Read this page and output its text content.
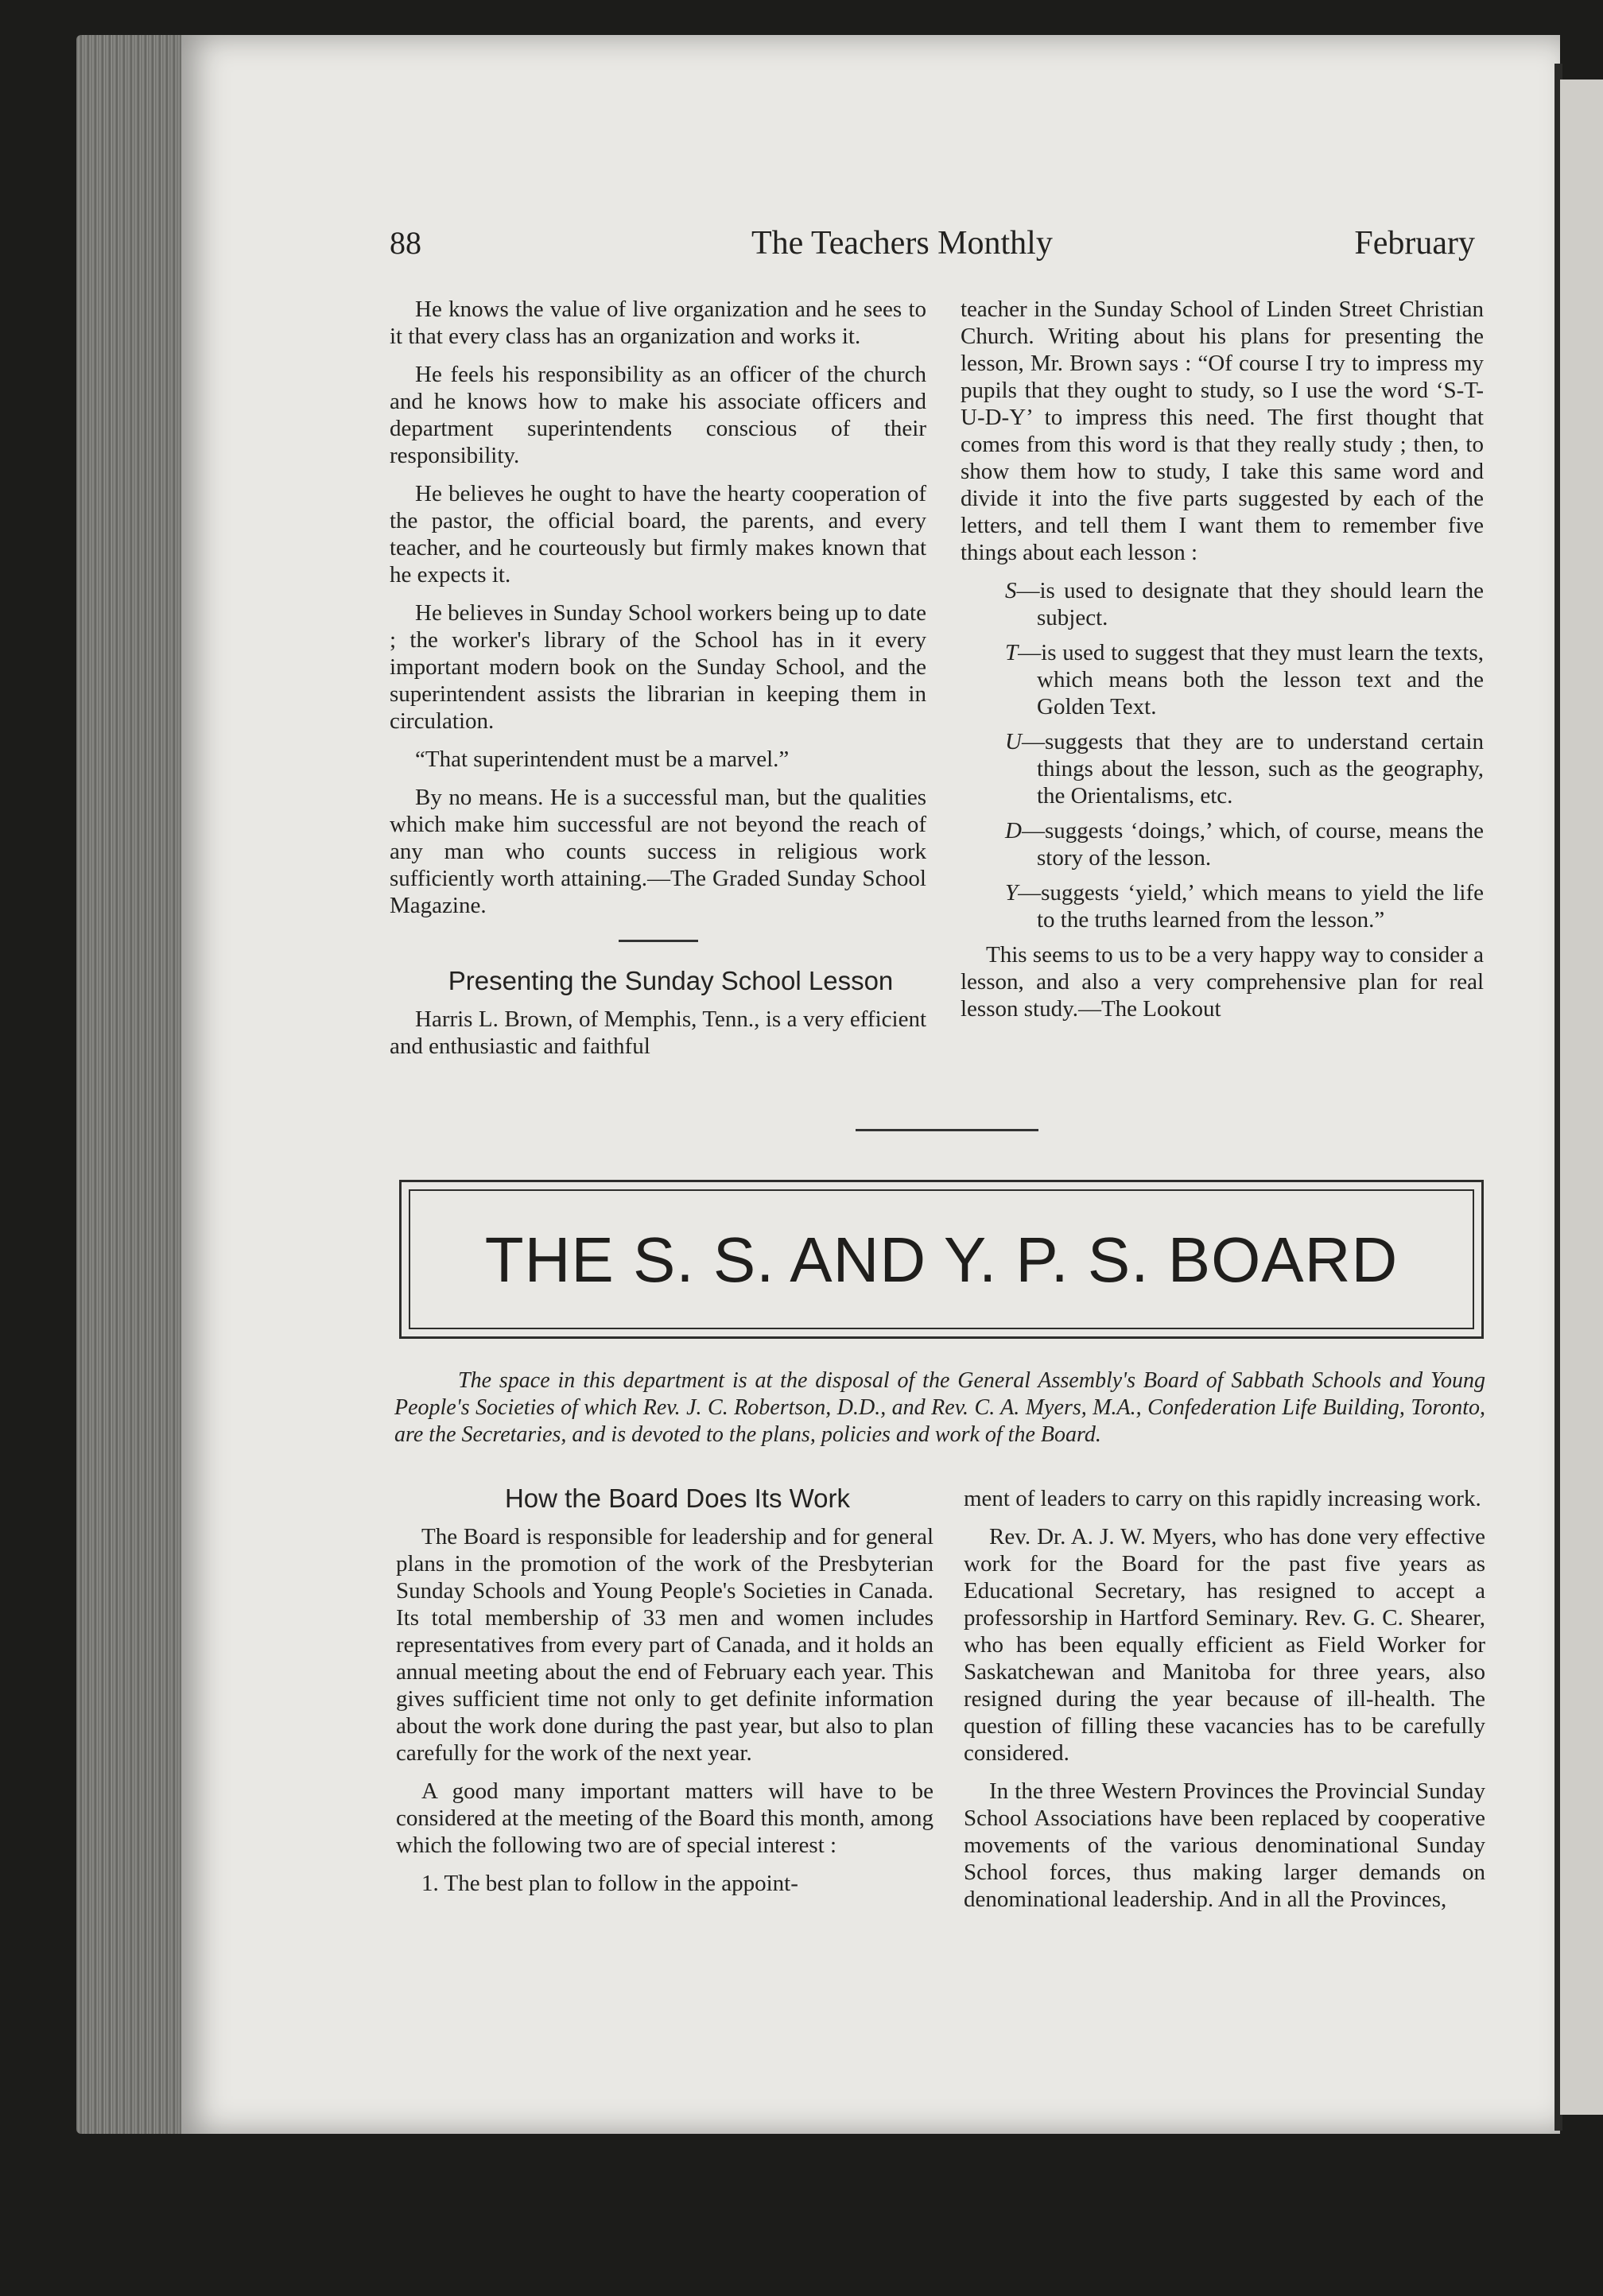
88	The Teachers Monthly	February

He knows the value of live organization and he sees to it that every class has an organization and works it.

He feels his responsibility as an officer of the church and he knows how to make his associate officers and department superintendents conscious of their responsibility.

He believes he ought to have the hearty cooperation of the pastor, the official board, the parents, and every teacher, and he courteously but firmly makes known that he expects it.

He believes in Sunday School workers being up to date ; the worker's library of the School has in it every important modern book on the Sunday School, and the superintendent assists the librarian in keeping them in circulation.

“That superintendent must be a marvel.”

By no means. He is a successful man, but the qualities which make him successful are not beyond the reach of any man who counts success in religious work sufficiently worth attaining.—The Graded Sunday School Magazine.

Presenting the Sunday School Lesson

Harris L. Brown, of Memphis, Tenn., is a very efficient and enthusiastic and faithful

teacher in the Sunday School of Linden Street Christian Church. Writing about his plans for presenting the lesson, Mr. Brown says : “Of course I try to impress my pupils that they ought to study, so I use the word ‘S-T-U-D-Y’ to impress this need. The first thought that comes from this word is that they really study ; then, to show them how to study, I take this same word and divide it into the five parts suggested by each of the letters, and tell them I want them to remember five things about each lesson :

S—is used to designate that they should learn the subject.

T—is used to suggest that they must learn the texts, which means both the lesson text and the Golden Text.

U—suggests that they are to understand certain things about the lesson, such as the geography, the Orientalisms, etc.

D—suggests ‘doings,’ which, of course, means the story of the lesson.

Y—suggests ‘yield,’ which means to yield the life to the truths learned from the lesson.”

This seems to us to be a very happy way to consider a lesson, and also a very comprehensive plan for real lesson study.—The Lookout

THE S. S. AND Y. P. S. BOARD
The space in this department is at the disposal of the General Assembly's Board of Sabbath Schools and Young People's Societies of which Rev. J. C. Robertson, D.D., and Rev. C. A. Myers, M.A., Confederation Life Building, Toronto, are the Secretaries, and is devoted to the plans, policies and work of the Board.

How the Board Does Its Work

The Board is responsible for leadership and for general plans in the promotion of the work of the Presbyterian Sunday Schools and Young People's Societies in Canada. Its total membership of 33 men and women includes representatives from every part of Canada, and it holds an annual meeting about the end of February each year. This gives sufficient time not only to get definite information about the work done during the past year, but also to plan carefully for the work of the next year.

A good many important matters will have to be considered at the meeting of the Board this month, among which the following two are of special interest :

1. The best plan to follow in the appoint-

ment of leaders to carry on this rapidly increasing work.

Rev. Dr. A. J. W. Myers, who has done very effective work for the Board for the past five years as Educational Secretary, has resigned to accept a professorship in Hartford Seminary. Rev. G. C. Shearer, who has been equally efficient as Field Worker for Saskatchewan and Manitoba for three years, also resigned during the year because of ill-health. The question of filling these vacancies has to be carefully considered.

In the three Western Provinces the Provincial Sunday School Associations have been replaced by cooperative movements of the various denominational Sunday School forces, thus making larger demands on denominational leadership. And in all the Provinces,
